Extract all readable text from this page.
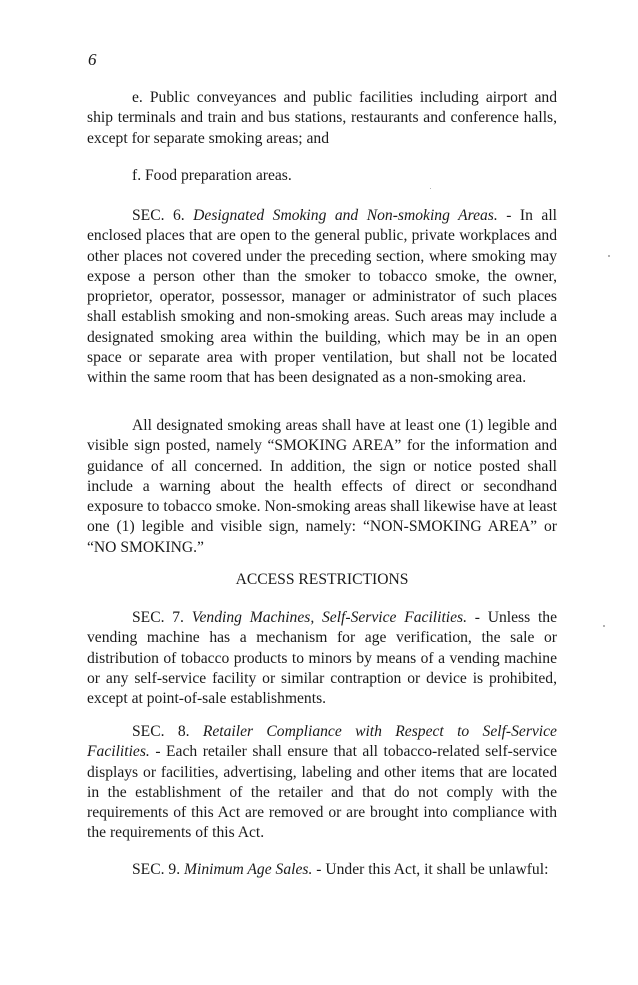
6

e. Public conveyances and public facilities including airport and ship terminals and train and bus stations, restaurants and conference halls, except for separate smoking areas; and

f. Food preparation areas.

SEC. 6. Designated Smoking and Non-smoking Areas. - In all enclosed places that are open to the general public, private workplaces and other places not covered under the preceding section, where smoking may expose a person other than the smoker to tobacco smoke, the owner, proprietor, operator, possessor, manager or administrator of such places shall establish smoking and non-smoking areas. Such areas may include a designated smoking area within the building, which may be in an open space or separate area with proper ventilation, but shall not be located within the same room that has been designated as a non-smoking area.

All designated smoking areas shall have at least one (1) legible and visible sign posted, namely “SMOKING AREA” for the information and guidance of all concerned. In addition, the sign or notice posted shall include a warning about the health effects of direct or secondhand exposure to tobacco smoke. Non-smoking areas shall likewise have at least one (1) legible and visible sign, namely: “NON-SMOKING AREA” or “NO SMOKING.”

ACCESS RESTRICTIONS

SEC. 7. Vending Machines, Self-Service Facilities. - Unless the vending machine has a mechanism for age verification, the sale or distribution of tobacco products to minors by means of a vending machine or any self-service facility or similar contraption or device is prohibited, except at point-of-sale establishments.

SEC. 8. Retailer Compliance with Respect to Self-Service Facilities. - Each retailer shall ensure that all tobacco-related self-service displays or facilities, advertising, labeling and other items that are located in the establishment of the retailer and that do not comply with the requirements of this Act are removed or are brought into compliance with the requirements of this Act.

SEC. 9. Minimum Age Sales. - Under this Act, it shall be unlawful:
